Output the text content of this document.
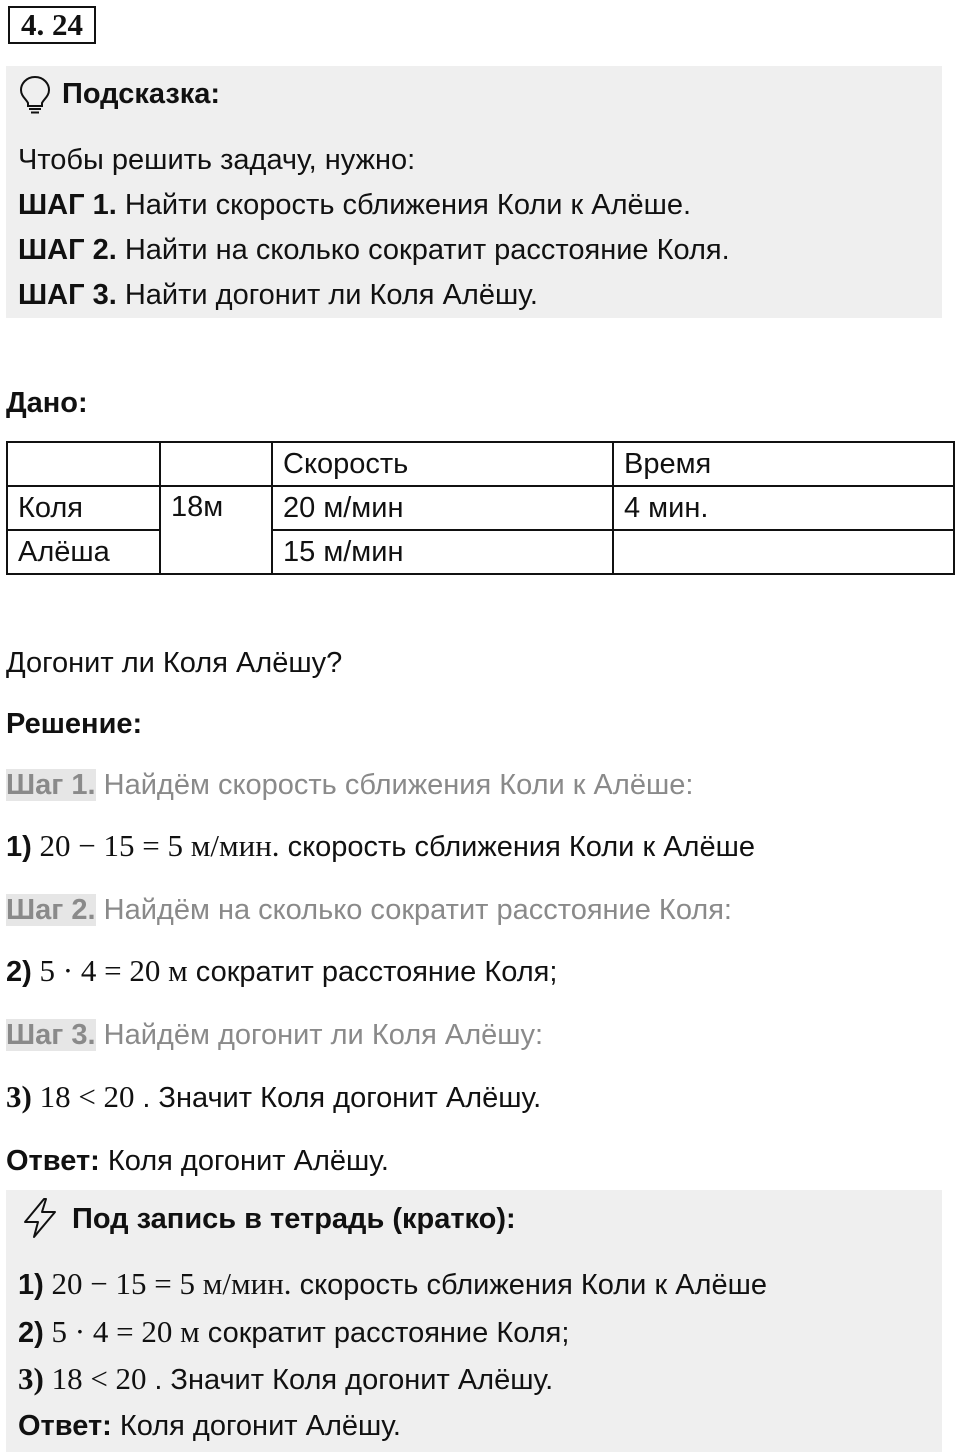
4. 24
Подсказка:
Чтобы решить задачу, нужно:
ШАГ 1. Найти скорость сближения Коли к Алёше.
ШАГ 2. Найти на сколько сократит расстояние Коля.
ШАГ 3. Найти догонит ли Коля Алёшу.
Дано:
		Скорость	Время
Коля	18м	20 м/мин	4 мин.
Алёша		15 м/мин	
Догонит ли Коля Алёшу?
Решение:
Шаг 1. Найдём скорость сближения Коли к Алёше:
1) 20 − 15 = 5 м/мин. скорость сближения Коли к Алёше
Шаг 2. Найдём на сколько сократит расстояние Коля:
2) 5 · 4 = 20 м сократит расстояние Коля;
Шаг 3. Найдём догонит ли Коля Алёшу:
3) 18 < 20 . Значит Коля догонит Алёшу.
Ответ: Коля догонит Алёшу.
Под запись в тетрадь (кратко):
1) 20 − 15 = 5 м/мин. скорость сближения Коли к Алёше
2) 5 · 4 = 20 м сократит расстояние Коля;
3) 18 < 20 . Значит Коля догонит Алёшу.
Ответ: Коля догонит Алёшу.
